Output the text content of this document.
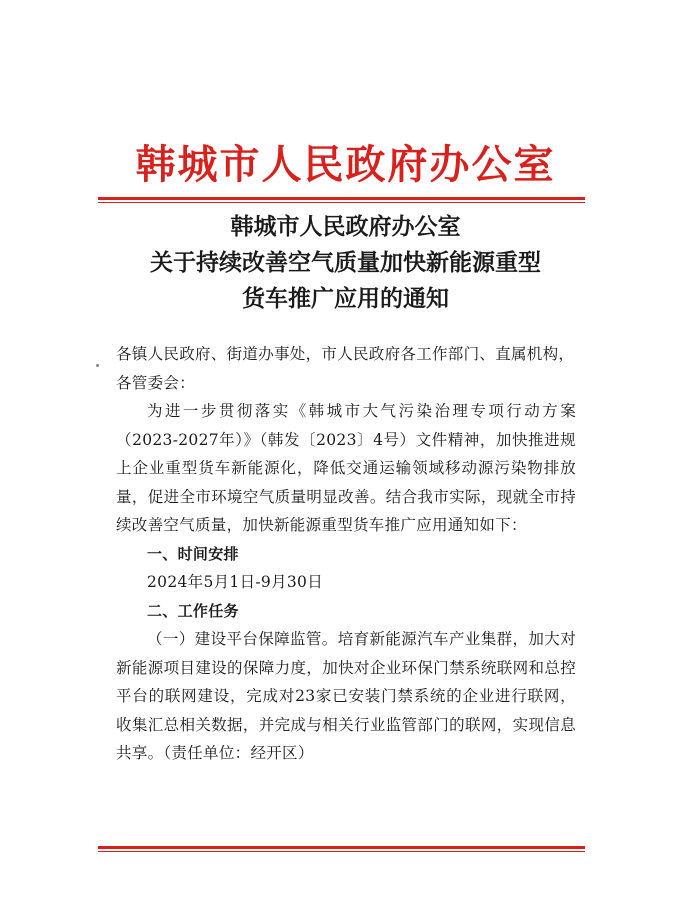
韩城市人民政府办公室
韩城市人民政府办公室
关于持续改善空气质量加快新能源重型
货车推广应用的通知

各镇人民政府、街道办事处，市人民政府各工作部门、直属机构，

各管委会：

为进一步贯彻落实《韩城市大气污染治理专项行动方案（2023-2027年）》（韩发〔2023〕4号）文件精神，加快推进规上企业重型货车新能源化，降低交通运输领域移动源污染物排放量，促进全市环境空气质量明显改善。结合我市实际，现就全市持续改善空气质量，加快新能源重型货车推广应用通知如下：

一、时间安排

2024年5月1日-9月30日

二、工作任务

（一）建设平台保障监管。培育新能源汽车产业集群，加大对新能源项目建设的保障力度，加快对企业环保门禁系统联网和总控平台的联网建设，完成对23家已安装门禁系统的企业进行联网，收集汇总相关数据，并完成与相关行业监管部门的联网，实现信息共享。（责任单位：经开区）
